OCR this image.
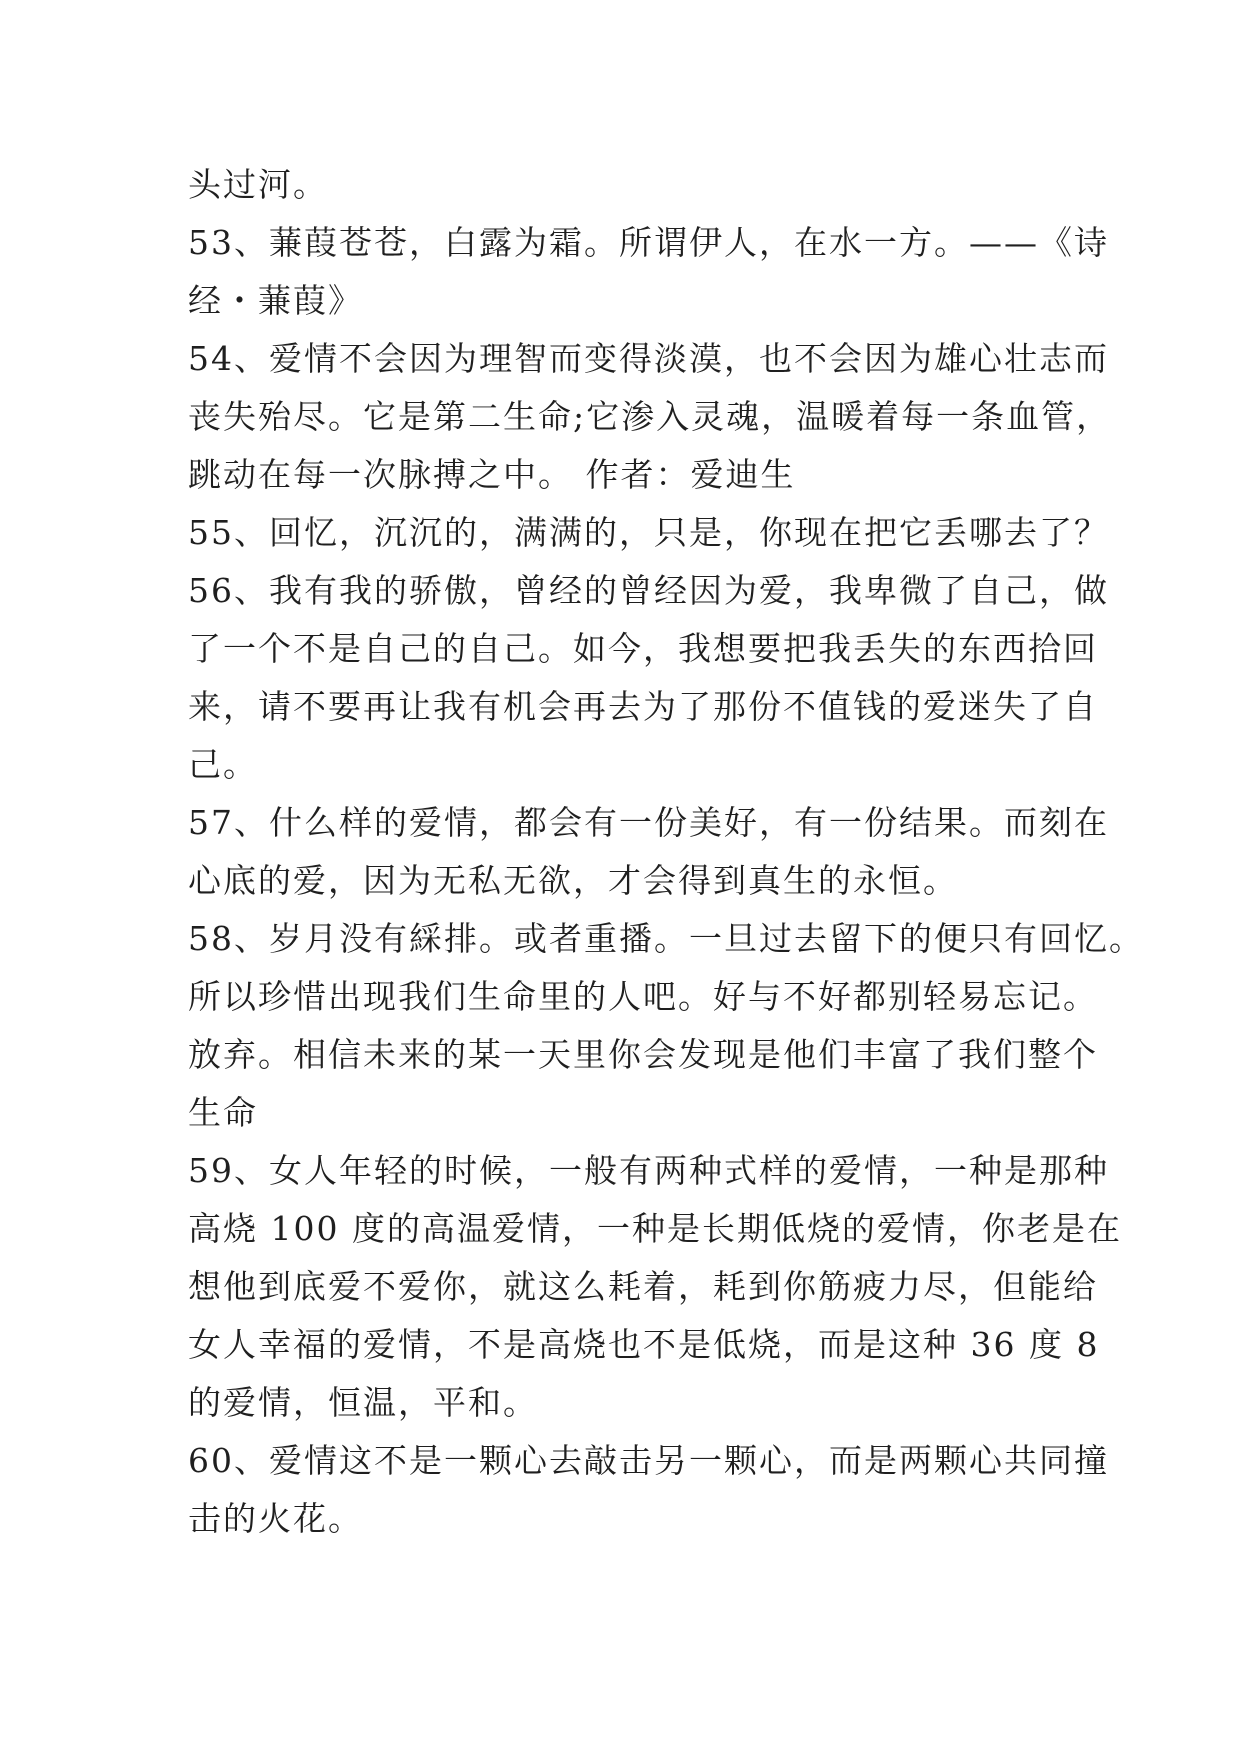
头过河。
53、蒹葭苍苍，白露为霜。所谓伊人，在水一方。——《诗
经・蒹葭》
54、爱情不会因为理智而变得淡漠，也不会因为雄心壮志而
丧失殆尽。它是第二生命;它渗入灵魂，温暖着每一条血管，
跳动在每一次脉搏之中。 作者：爱迪生
55、回忆，沉沉的，满满的，只是，你现在把它丢哪去了？
56、我有我的骄傲，曾经的曾经因为爱，我卑微了自己，做
了一个不是自己的自己。如今，我想要把我丢失的东西拾回
来，请不要再让我有机会再去为了那份不值钱的爱迷失了自
己。
57、什么样的爱情，都会有一份美好，有一份结果。而刻在
心底的爱，因为无私无欲，才会得到真生的永恒。
58、岁月没有綵排。或者重播。一旦过去留下的便只有回忆。
所以珍惜出现我们生命里的人吧。好与不好都别轻易忘记。
放弃。相信未来的某一天里你会发现是他们丰富了我们整个
生命
59、女人年轻的时候，一般有两种式样的爱情，一种是那种
高烧 100 度的高温爱情，一种是长期低烧的爱情，你老是在
想他到底爱不爱你，就这么耗着，耗到你筋疲力尽，但能给
女人幸福的爱情，不是高烧也不是低烧，而是这种 36 度 8
的爱情，恒温，平和。
60、爱情这不是一颗心去敲击另一颗心，而是两颗心共同撞
击的火花。
